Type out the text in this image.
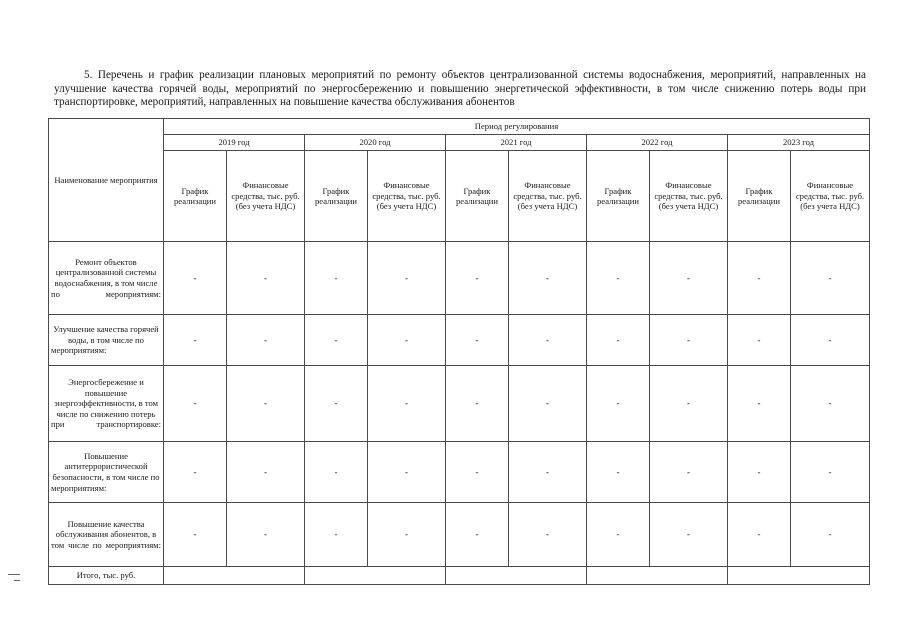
5. Перечень и график реализации плановых мероприятий по ремонту объектов централизованной системы водоснабжения, мероприятий, направленных на улучшение качества горячей воды, мероприятий по энергосбережению и повышению энергетической эффективности, в том числе снижению потерь воды при транспортировке, мероприятий, направленных на повышение качества обслуживания абонентов
Наименование мероприятия	Период регулирования									
	2019 год		2020 год		2021 год		2022 год		2023 год	
	График реализации	Финансовые средства, тыс. руб. (без учета НДС)	График реализации	Финансовые средства, тыс. руб. (без учета НДС)	График реализации	Финансовые средства, тыс. руб. (без учета НДС)	График реализации	Финансовые средства, тыс. руб. (без учета НДС)	График реализации	Финансовые средства, тыс. руб. (без учета НДС)
Ремонт объектов централизованной системы водоснабжения, в том числе по мероприятиям:	-	-	-	-	-	-	-	-	-	-
Улучшение качества горячей воды, в том числе по мероприятиям:	-	-	-	-	-	-	-	-	-	-
Энергосбережение и повышение энергоэффективности, в том числе по снижению потерь при транспортировке:	-	-	-	-	-	-	-	-	-	-
Повышение антитеррористической безопасности, в том числе по мероприятиям:	-	-	-	-	-	-	-	-	-	-
Повышение качества обслуживания абонентов, в том числе по мероприятиям:	-	-	-	-	-	-	-	-	-	-
Итого, тыс. руб.										
